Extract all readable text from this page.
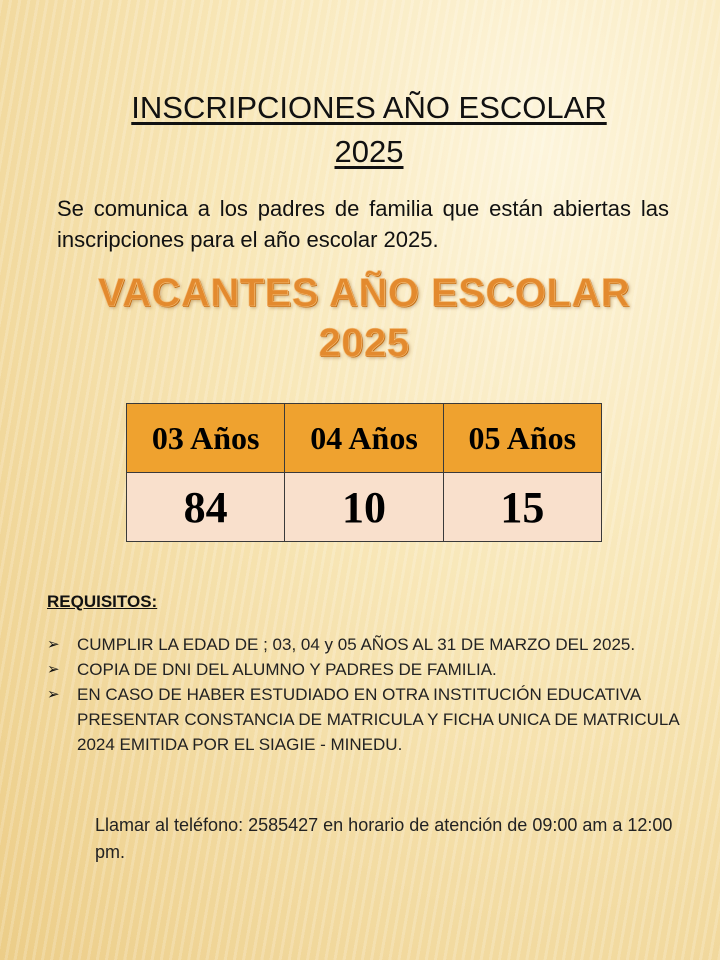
INSCRIPCIONES AÑO ESCOLAR
2025
Se comunica a los padres de familia que están abiertas las inscripciones para el año escolar 2025.
VACANTES AÑO ESCOLAR
2025
03 Años	04 Años	05 Años
84	10	15
REQUISITOS:
➢ CUMPLIR LA EDAD DE ; 03, 04 y 05 AÑOS AL 31 DE MARZO DEL 2025.
➢ COPIA DE DNI DEL ALUMNO Y PADRES DE FAMILIA.
➢ EN CASO DE HABER ESTUDIADO EN OTRA INSTITUCIÓN EDUCATIVA PRESENTAR CONSTANCIA DE MATRICULA Y FICHA UNICA DE MATRICULA 2024 EMITIDA POR EL SIAGIE - MINEDU.
Llamar al teléfono: 2585427 en horario de atención de 09:00 am a 12:00 pm.
